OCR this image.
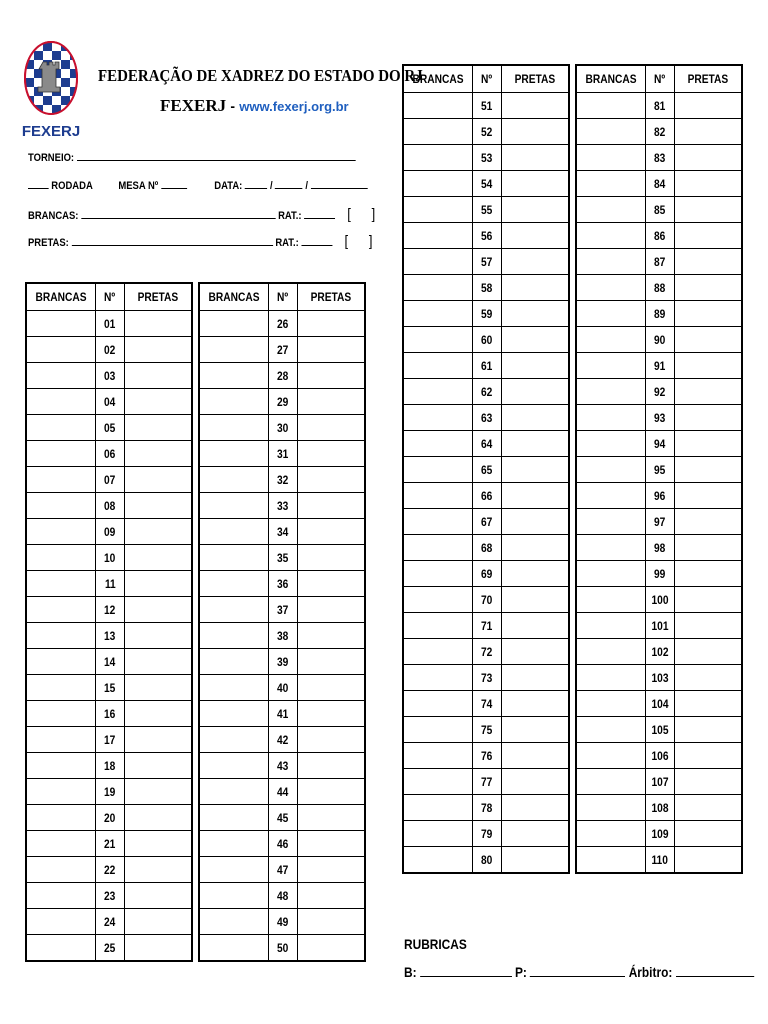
FEXERJ
FEDERAÇÃO DE XADREZ DO ESTADO DO RJ
FEXERJ - www.fexerj.org.br
TORNEIO:
RODADA MESA Nº	DATA:	/	/
BRANCAS:	RAT.:	[ ]
PRETAS:	RAT.:	[ ]
BRANCAS	Nº	PRETAS
	01	
	02	
	03	
	04	
	05	
	06	
	07	
	08	
	09	
	10	
	11	
	12	
	13	
	14	
	15	
	16	
	17	
	18	
	19	
	20	
	21	
	22	
	23	
	24	
	25	
BRANCAS	Nº	PRETAS
	26	
	27	
	28	
	29	
	30	
	31	
	32	
	33	
	34	
	35	
	36	
	37	
	38	
	39	
	40	
	41	
	42	
	43	
	44	
	45	
	46	
	47	
	48	
	49	
	50	
BRANCAS	Nº	PRETAS
	51	
	52	
	53	
	54	
	55	
	56	
	57	
	58	
	59	
	60	
	61	
	62	
	63	
	64	
	65	
	66	
	67	
	68	
	69	
	70	
	71	
	72	
	73	
	74	
	75	
	76	
	77	
	78	
	79	
	80	
BRANCAS	Nº	PRETAS
	81	
	82	
	83	
	84	
	85	
	86	
	87	
	88	
	89	
	90	
	91	
	92	
	93	
	94	
	95	
	96	
	97	
	98	
	99	
	100	
	101	
	102	
	103	
	104	
	105	
	106	
	107	
	108	
	109	
	110	
RUBRICAS
B:	P:	Árbitro:
